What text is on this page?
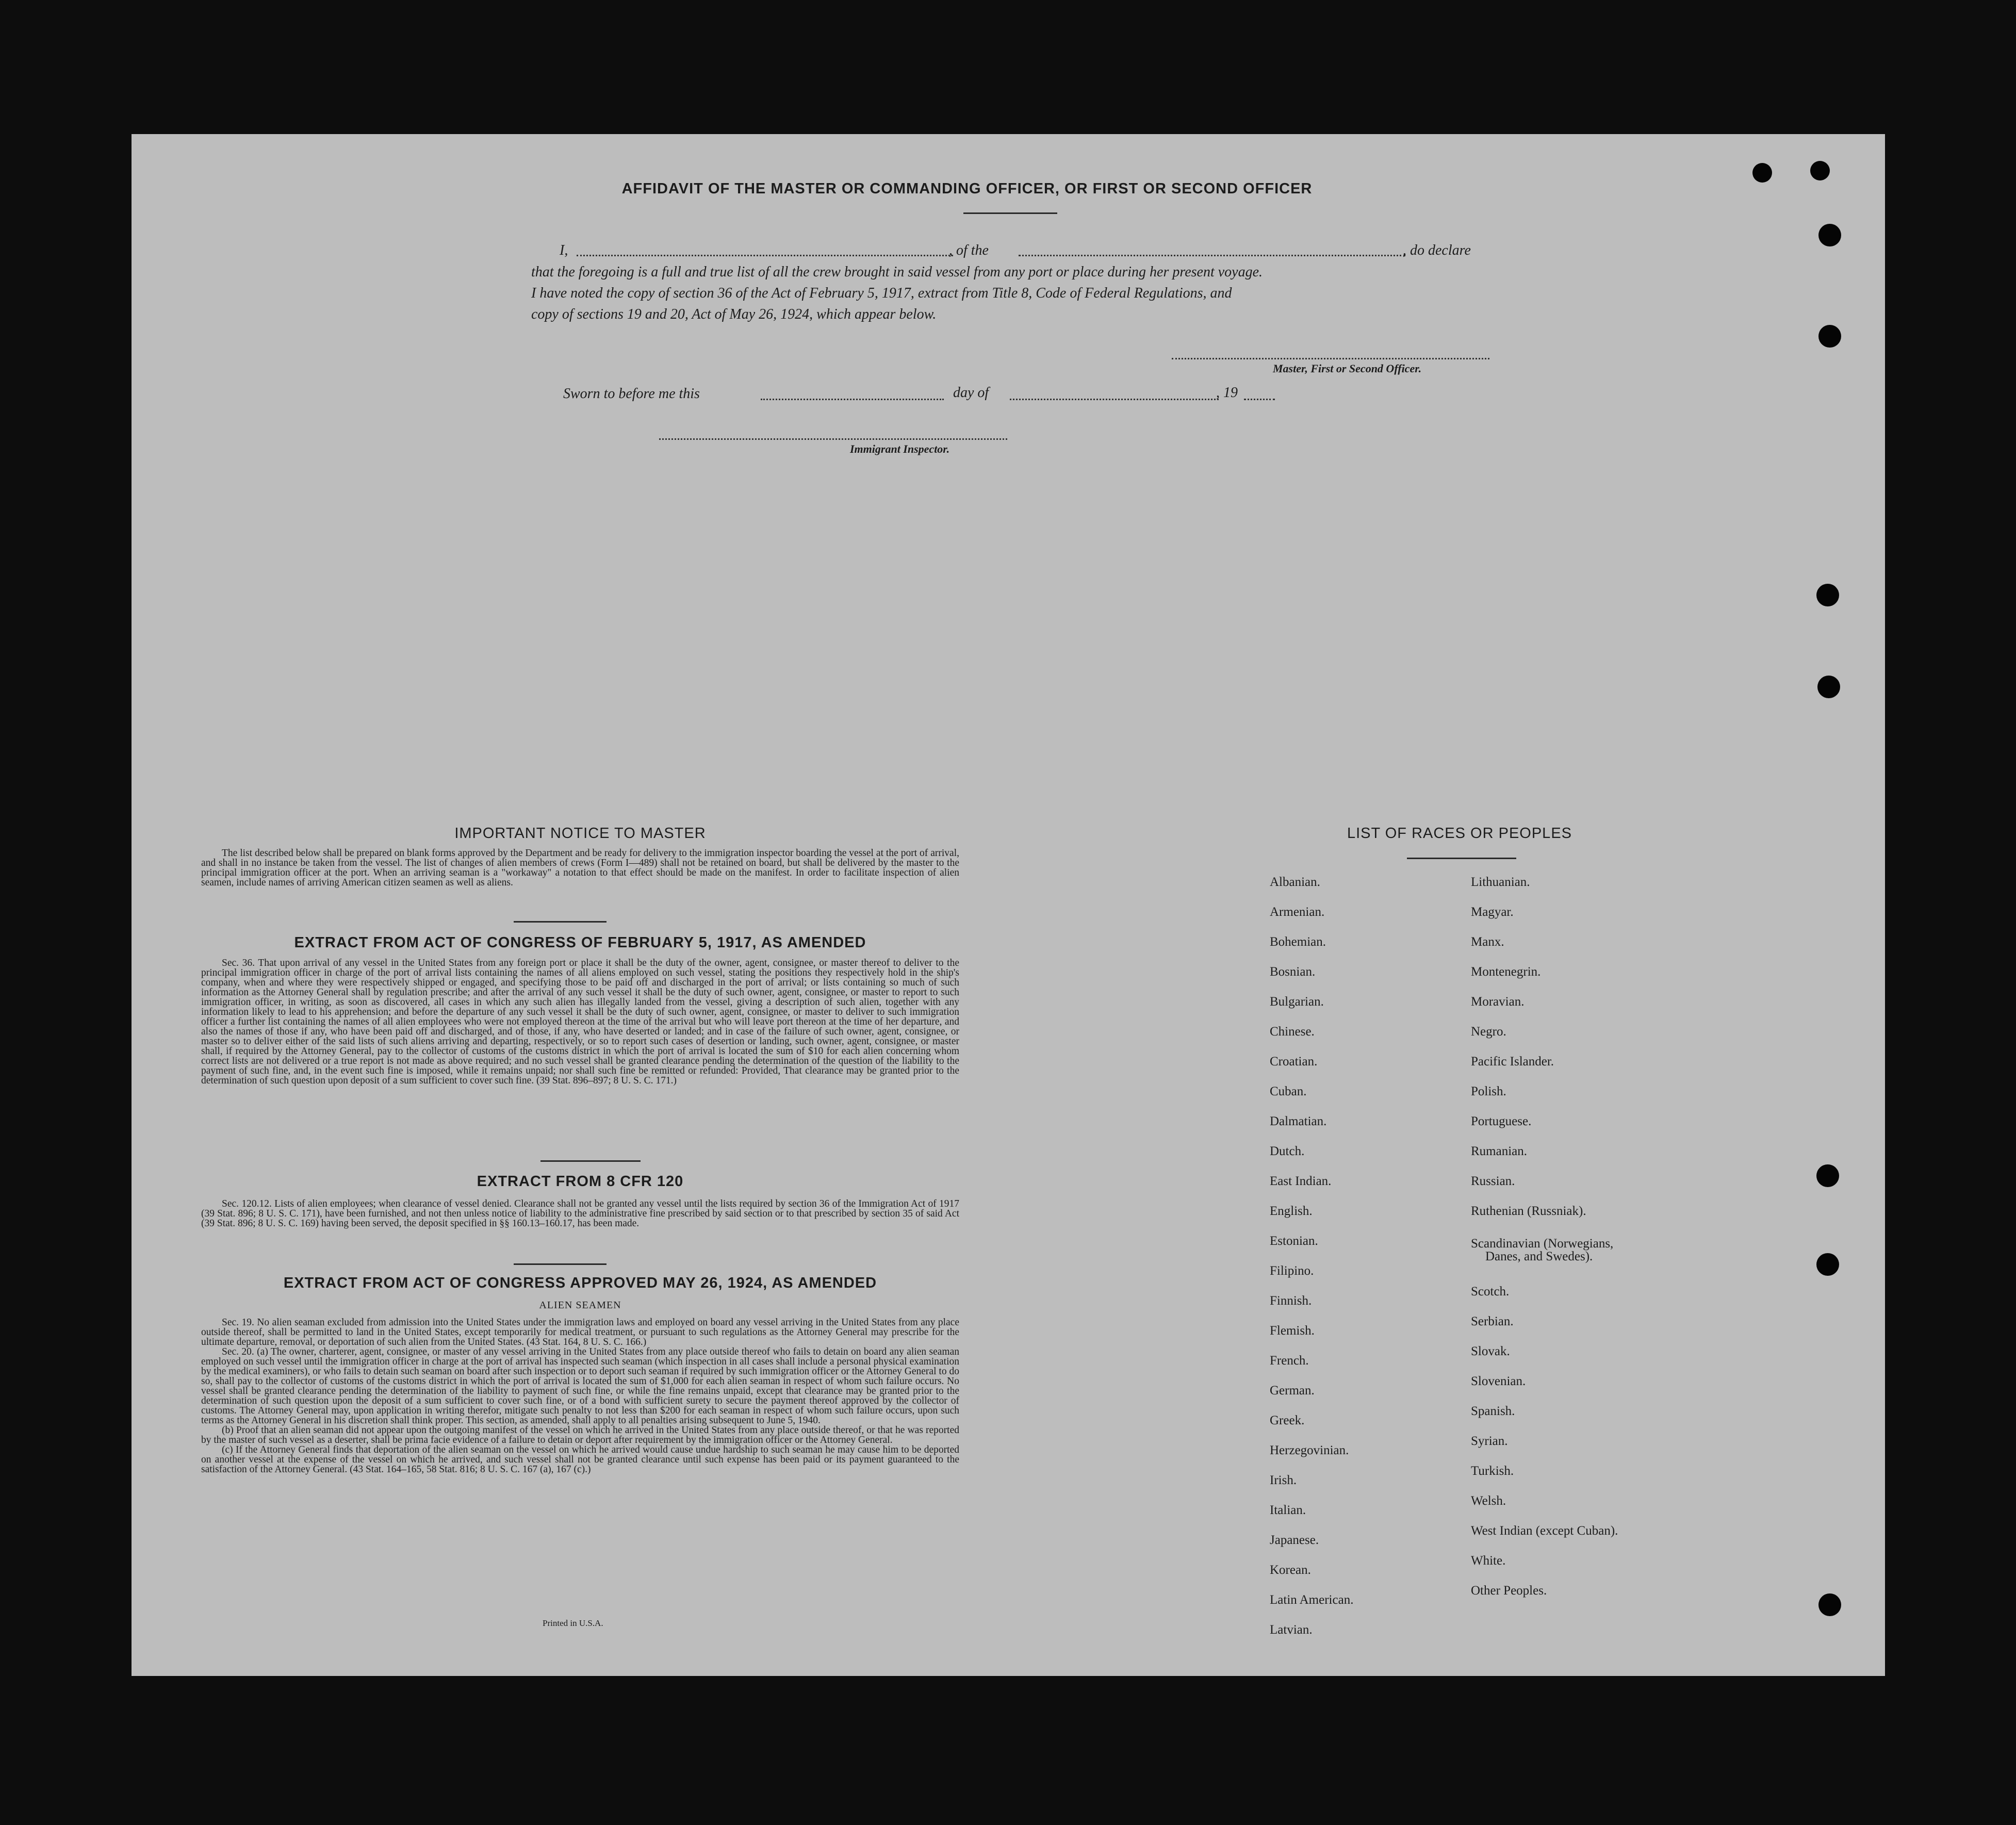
AFFIDAVIT OF THE MASTER OR COMMANDING OFFICER, OR FIRST OR SECOND OFFICER
I,	, of the	, do declare
that the foregoing is a full and true list of all the crew brought in said vessel from any port or place during her present voyage.
I have noted the copy of section 36 of the Act of February 5, 1917, extract from Title 8, Code of Federal Regulations, and
copy of sections 19 and 20, Act of May 26, 1924, which appear below.
Master, First or Second Officer.
Sworn to before me this	day of	, 19
Immigrant Inspector.
IMPORTANT NOTICE TO MASTER

The list described below shall be prepared on blank forms approved by the Department and be ready for delivery to the immigration inspector boarding the vessel at the port of arrival, and shall in no instance be taken from the vessel. The list of changes of alien members of crews (Form I—489) shall not be retained on board, but shall be delivered by the master to the principal immigration officer at the port. When an arriving seaman is a "workaway" a notation to that effect should be made on the manifest. In order to facilitate inspection of alien seamen, include names of arriving American citizen seamen as well as aliens.

EXTRACT FROM ACT OF CONGRESS OF FEBRUARY 5, 1917, AS AMENDED

Sec. 36. That upon arrival of any vessel in the United States from any foreign port or place it shall be the duty of the owner, agent, consignee, or master thereof to deliver to the principal immigration officer in charge of the port of arrival lists containing the names of all aliens employed on such vessel, stating the positions they respectively hold in the ship's company, when and where they were respectively shipped or engaged, and specifying those to be paid off and discharged in the port of arrival; or lists containing so much of such information as the Attorney General shall by regulation prescribe; and after the arrival of any such vessel it shall be the duty of such owner, agent, consignee, or master to report to such immigration officer, in writing, as soon as discovered, all cases in which any such alien has illegally landed from the vessel, giving a description of such alien, together with any information likely to lead to his apprehension; and before the departure of any such vessel it shall be the duty of such owner, agent, consignee, or master to deliver to such immigration officer a further list containing the names of all alien employees who were not employed thereon at the time of the arrival but who will leave port thereon at the time of her departure, and also the names of those if any, who have been paid off and discharged, and of those, if any, who have deserted or landed; and in case of the failure of such owner, agent, consignee, or master so to deliver either of the said lists of such aliens arriving and departing, respectively, or so to report such cases of desertion or landing, such owner, agent, consignee, or master shall, if required by the Attorney General, pay to the collector of customs of the customs district in which the port of arrival is located the sum of $10 for each alien concerning whom correct lists are not delivered or a true report is not made as above required; and no such vessel shall be granted clearance pending the determination of the question of the liability to the payment of such fine, and, in the event such fine is imposed, while it remains unpaid; nor shall such fine be remitted or refunded: Provided, That clearance may be granted prior to the determination of such question upon deposit of a sum sufficient to cover such fine. (39 Stat. 896–897; 8 U. S. C. 171.)

EXTRACT FROM 8 CFR 120

Sec. 120.12. Lists of alien employees; when clearance of vessel denied. Clearance shall not be granted any vessel until the lists required by section 36 of the Immigration Act of 1917 (39 Stat. 896; 8 U. S. C. 171), have been furnished, and not then unless notice of liability to the administrative fine prescribed by said section or to that prescribed by section 35 of said Act (39 Stat. 896; 8 U. S. C. 169) having been served, the deposit specified in §§ 160.13–160.17, has been made.

EXTRACT FROM ACT OF CONGRESS APPROVED MAY 26, 1924, AS AMENDED
ALIEN SEAMEN

Sec. 19. No alien seaman excluded from admission into the United States under the immigration laws and employed on board any vessel arriving in the United States from any place outside thereof, shall be permitted to land in the United States, except temporarily for medical treatment, or pursuant to such regulations as the Attorney General may prescribe for the ultimate departure, removal, or deportation of such alien from the United States. (43 Stat. 164, 8 U. S. C. 166.)

Sec. 20. (a) The owner, charterer, agent, consignee, or master of any vessel arriving in the United States from any place outside thereof who fails to detain on board any alien seaman employed on such vessel until the immigration officer in charge at the port of arrival has inspected such seaman (which inspection in all cases shall include a personal physical examination by the medical examiners), or who fails to detain such seaman on board after such inspection or to deport such seaman if required by such immigration officer or the Attorney General to do so, shall pay to the collector of customs of the customs district in which the port of arrival is located the sum of $1,000 for each alien seaman in respect of whom such failure occurs. No vessel shall be granted clearance pending the determination of the liability to payment of such fine, or while the fine remains unpaid, except that clearance may be granted prior to the determination of such question upon the deposit of a sum sufficient to cover such fine, or of a bond with sufficient surety to secure the payment thereof approved by the collector of customs. The Attorney General may, upon application in writing therefor, mitigate such penalty to not less than $200 for each seaman in respect of whom such failure occurs, upon such terms as the Attorney General in his discretion shall think proper. This section, as amended, shall apply to all penalties arising subsequent to June 5, 1940.

(b) Proof that an alien seaman did not appear upon the outgoing manifest of the vessel on which he arrived in the United States from any place outside thereof, or that he was reported by the master of such vessel as a deserter, shall be prima facie evidence of a failure to detain or deport after requirement by the immigration officer or the Attorney General.

(c) If the Attorney General finds that deportation of the alien seaman on the vessel on which he arrived would cause undue hardship to such seaman he may cause him to be deported on another vessel at the expense of the vessel on which he arrived, and such vessel shall not be granted clearance until such expense has been paid or its payment guaranteed to the satisfaction of the Attorney General. (43 Stat. 164–165, 58 Stat. 816; 8 U. S. C. 167 (a), 167 (c).)

Printed in U.S.A.
LIST OF RACES OR PEOPLES
Albanian.
Armenian.
Bohemian.
Bosnian.
Bulgarian.
Chinese.
Croatian.
Cuban.
Dalmatian.
Dutch.
East Indian.
English.
Estonian.
Filipino.
Finnish.
Flemish.
French.
German.
Greek.
Herzegovinian.
Irish.
Italian.
Japanese.
Korean.
Latin American.
Latvian.
Lithuanian.
Magyar.
Manx.
Montenegrin.
Moravian.
Negro.
Pacific Islander.
Polish.
Portuguese.
Rumanian.
Russian.
Ruthenian (Russniak).
Scandinavian (Norwegians,
Danes, and Swedes).
Scotch.
Serbian.
Slovak.
Slovenian.
Spanish.
Syrian.
Turkish.
Welsh.
West Indian (except Cuban).
White.
Other Peoples.
